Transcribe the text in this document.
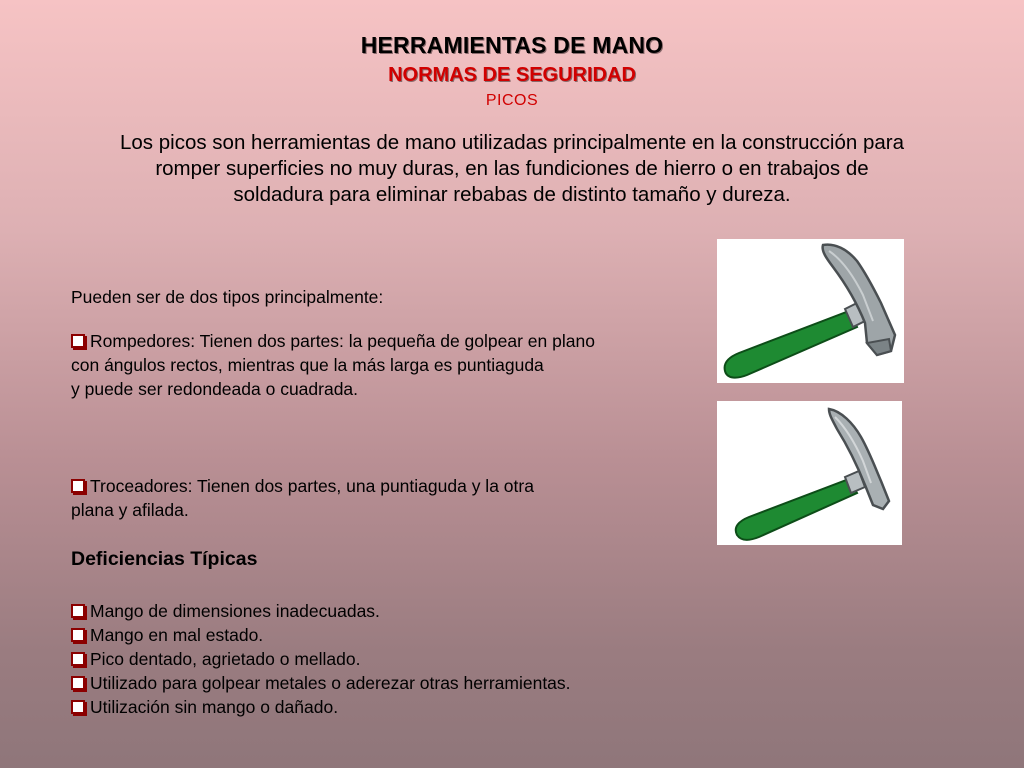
HERRAMIENTAS DE MANO
NORMAS DE SEGURIDAD
PICOS
Los picos son herramientas de mano utilizadas principalmente en la construcción para
romper superficies no muy duras, en las fundiciones de hierro o en trabajos de
soldadura para eliminar rebabas de distinto tamaño y dureza.
Pueden ser de dos tipos principalmente:
Rompedores: Tienen dos partes: la pequeña de golpear en plano
con ángulos rectos, mientras que la más larga es puntiaguda
y puede ser redondeada o cuadrada.
Troceadores: Tienen dos partes, una puntiaguda y la otra
plana y afilada.
Deficiencias Típicas
Mango de dimensiones inadecuadas.
Mango en mal estado.
Pico dentado, agrietado o mellado.
Utilizado para golpear metales o aderezar otras herramientas.
Utilización sin mango o dañado.
